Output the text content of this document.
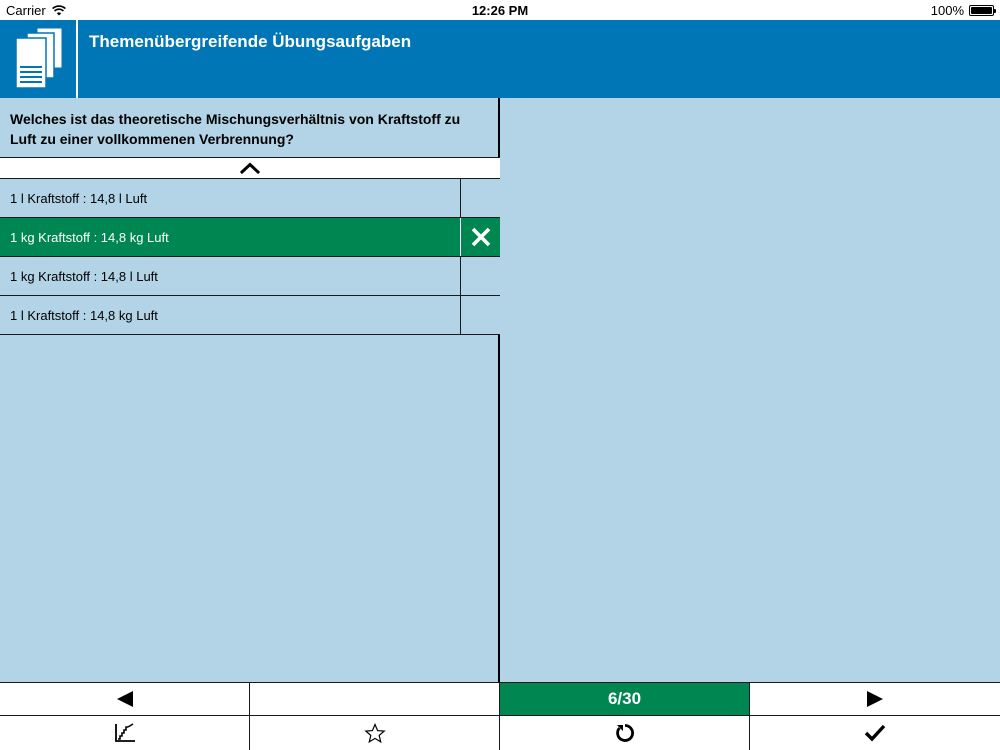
Carrier	12:26 PM	100%
Themenübergreifende Übungsaufgaben
Welches ist das theoretische Mischungsverhältnis von Kraftstoff zu Luft zu einer vollkommenen Verbrennung?
1 l Kraftstoff : 14,8 l Luft
1 kg Kraftstoff : 14,8 kg Luft
1 kg Kraftstoff : 14,8 l Luft
1 l Kraftstoff : 14,8 kg Luft
6/30
